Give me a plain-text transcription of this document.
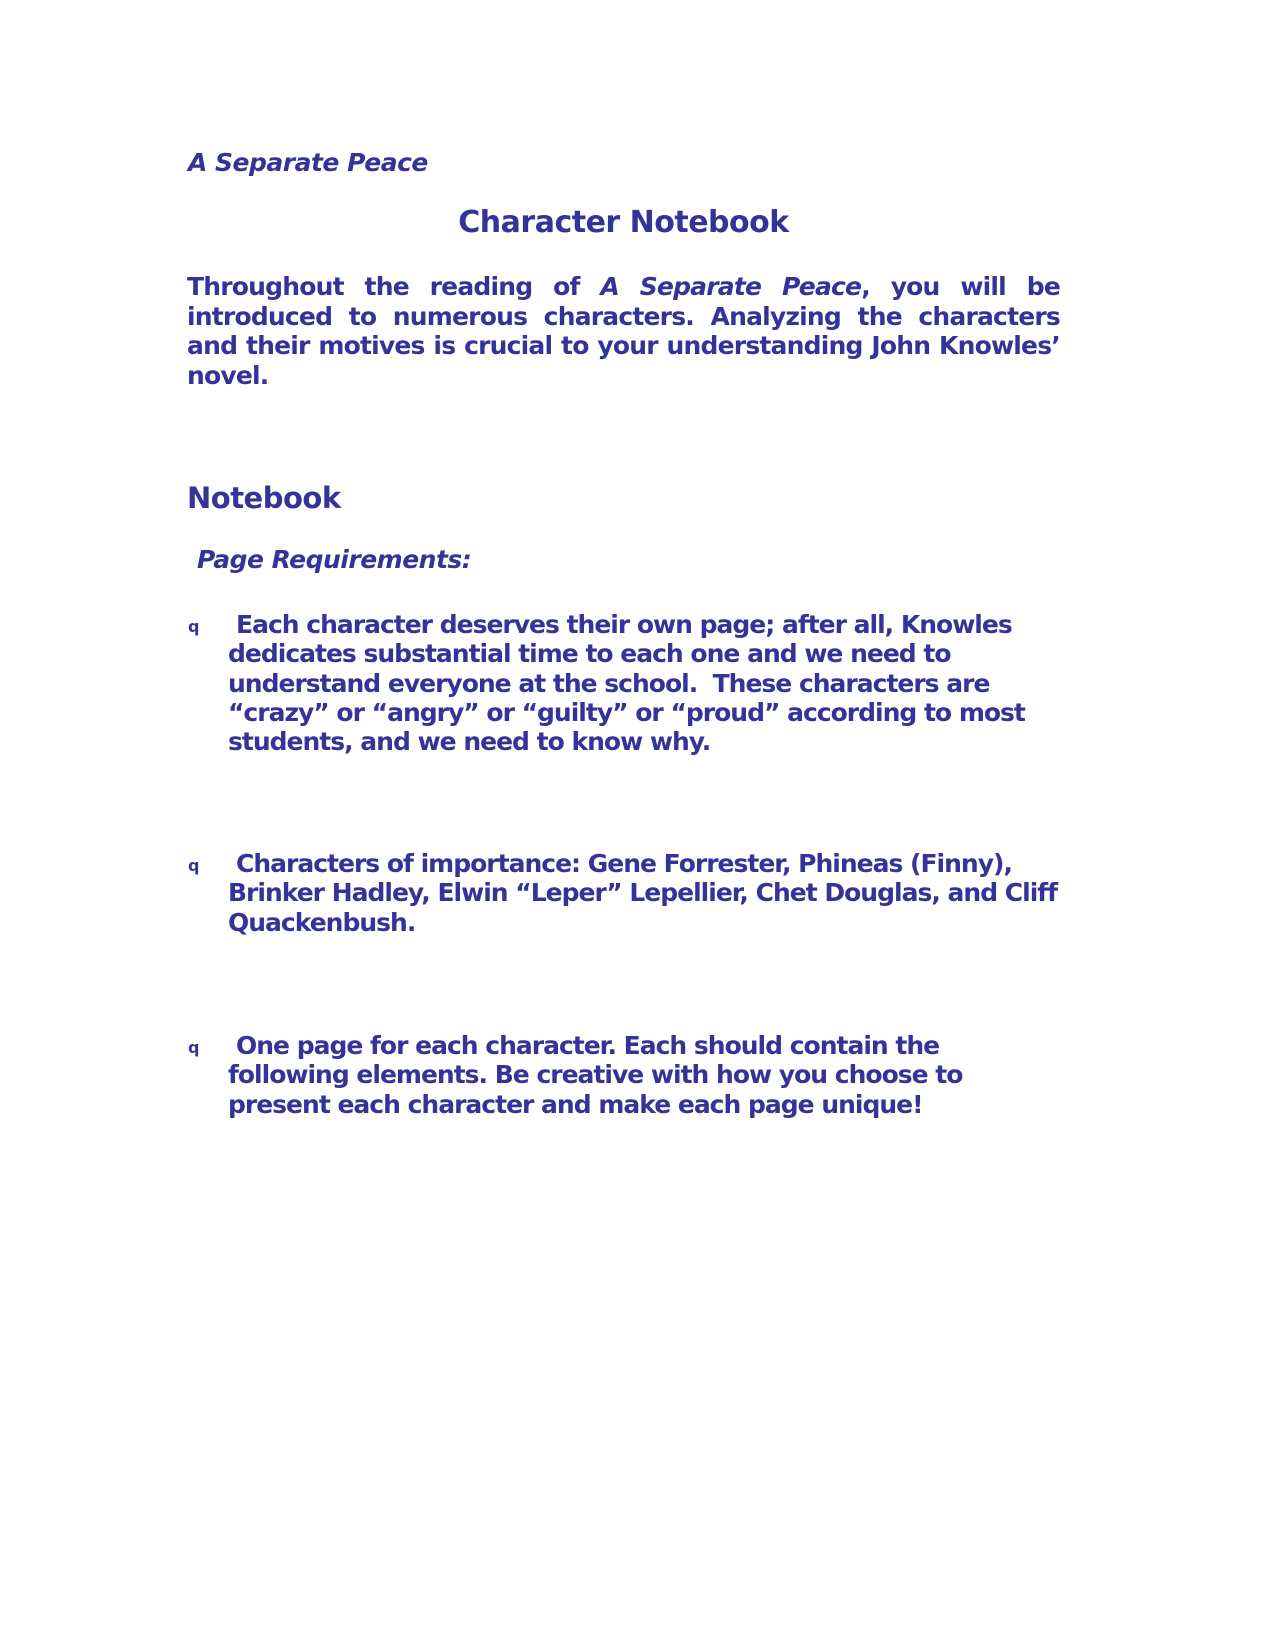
A Separate Peace
Character Notebook
Throughout the reading of A Separate Peace, you will be introduced to numerous characters. Analyzing the characters and their motives is crucial to your understanding John Knowles’ novel.
Notebook
Page Requirements:
q	Each character deserves their own page; after all, Knowles dedicates substantial time to each one and we need to understand everyone at the school.  These characters are “crazy” or “angry” or “guilty” or “proud” according to most students, and we need to know why.
q	Characters of importance: Gene Forrester, Phineas (Finny), Brinker Hadley, Elwin “Leper” Lepellier, Chet Douglas, and Cliff Quackenbush.
q	One page for each character. Each should contain the following elements. Be creative with how you choose to present each character and make each page unique!
